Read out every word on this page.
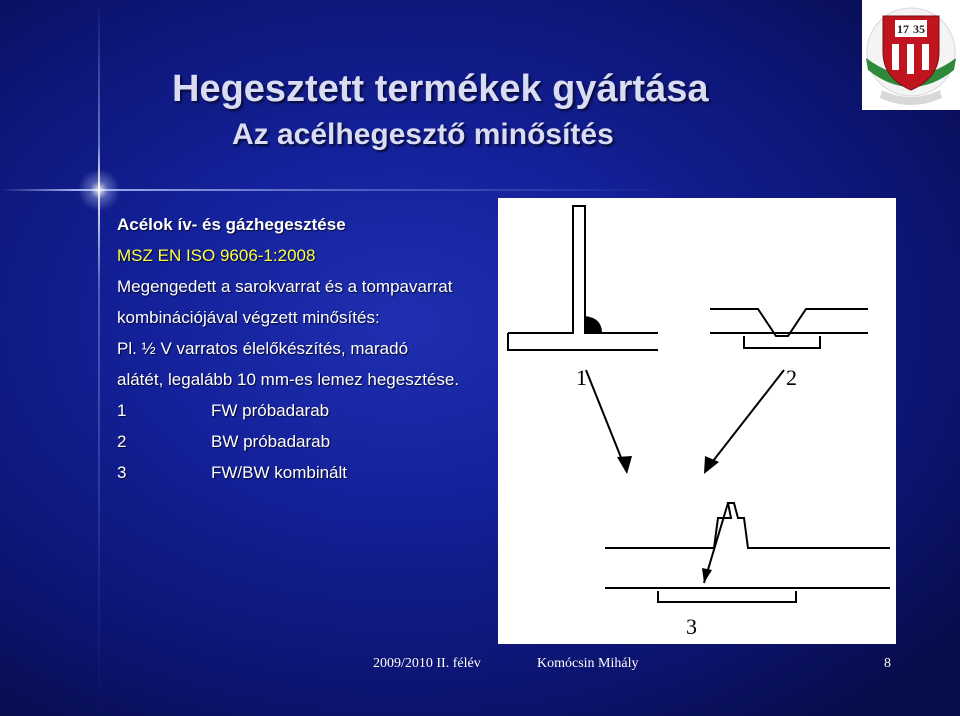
Hegesztett termékek gyártása
Az acélhegesztő minősítés
17 35
Acélok ív- és gázhegesztése
MSZ EN ISO 9606-1:2008
Megengedett a sarokvarrat és a tompavarrat
kombinációjával végzett minősítés:
Pl. ½ V varratos élelőkészítés, maradó
alátét, legalább 10 mm-es lemez hegesztése.
1	FW próbadarab
2	BW próbadarab
3	FW/BW kombinált
1	2
3
2009/2010 II. félév	Komócsin Mihály	8
